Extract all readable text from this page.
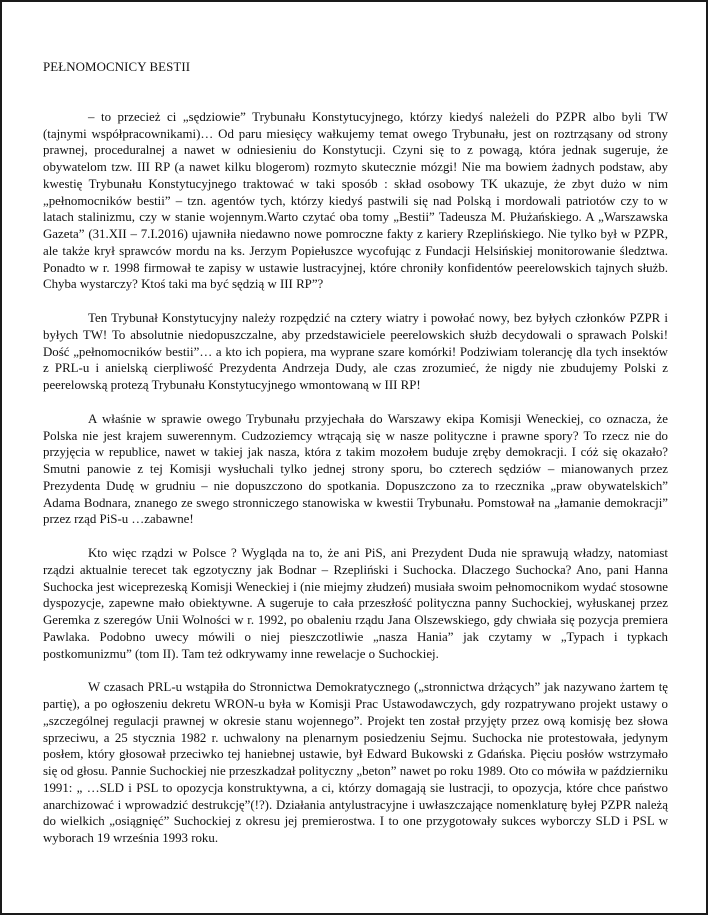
PEŁNOMOCNICY BESTII

– to przecież ci „sędziowie” Trybunału Konstytucyjnego, którzy kiedyś należeli do PZPR albo byli TW (tajnymi współpracownikami)… Od paru miesięcy wałkujemy temat owego Trybunału, jest on roztrząsany od strony prawnej, proceduralnej a nawet w odniesieniu do Konstytucji. Czyni się to z powagą, która jednak sugeruje, że obywatelom tzw. III RP (a nawet kilku blogerom) rozmyto skutecznie mózgi! Nie ma bowiem żadnych podstaw, aby kwestię Trybunału Konstytucyjnego traktować w taki sposób : skład osobowy TK ukazuje, że zbyt dużo w nim „pełnomocników bestii” – tzn. agentów tych, którzy kiedyś pastwili się nad Polską i mordowali patriotów czy to w latach stalinizmu, czy w stanie wojennym.Warto czytać oba tomy „Bestii” Tadeusza M. Płużańskiego. A „Warszawska Gazeta” (31.XII – 7.I.2016) ujawniła niedawno nowe pomroczne fakty z kariery Rzeplińskiego. Nie tylko był w PZPR, ale także krył sprawców mordu na ks. Jerzym Popiełuszce wycofując z Fundacji Helsińskiej monitorowanie śledztwa. Ponadto w r. 1998 firmował te zapisy w ustawie lustracyjnej, które chroniły konfidentów peerelowskich tajnych służb. Chyba wystarczy? Ktoś taki ma być sędzią w III RP”?

Ten Trybunał Konstytucyjny należy rozpędzić na cztery wiatry i powołać nowy, bez byłych członków PZPR i byłych TW! To absolutnie niedopuszczalne, aby przedstawiciele peerelowskich służb decydowali o sprawach Polski! Dość „pełnomocników bestii”… a kto ich popiera, ma wyprane szare komórki! Podziwiam tolerancję dla tych insektów z PRL-u i anielską cierpliwość Prezydenta Andrzeja Dudy, ale czas zrozumieć, że nigdy nie zbudujemy Polski z peerelowską protezą Trybunału Konstytucyjnego wmontowaną w III RP!

A właśnie w sprawie owego Trybunału przyjechała do Warszawy ekipa Komisji Weneckiej, co oznacza, że Polska nie jest krajem suwerennym. Cudzoziemcy wtrącają się w nasze polityczne i prawne spory? To rzecz nie do przyjęcia w republice, nawet w takiej jak nasza, która z takim mozołem buduje zręby demokracji. I cóż się okazało? Smutni panowie z tej Komisji wysłuchali tylko jednej strony sporu, bo czterech sędziów – mianowanych przez Prezydenta Dudę w grudniu – nie dopuszczono do spotkania. Dopuszczono za to rzecznika „praw obywatelskich” Adama Bodnara, znanego ze swego stronniczego stanowiska w kwestii Trybunału. Pomstował na „łamanie demokracji” przez rząd PiS-u …zabawne!

Kto więc rządzi w Polsce ? Wygląda na to, że ani PiS, ani Prezydent Duda nie sprawują władzy, natomiast rządzi aktualnie terecet tak egzotyczny jak Bodnar – Rzepliński i Suchocka. Dlaczego Suchocka? Ano, pani Hanna Suchocka jest wiceprezeską Komisji Weneckiej i (nie miejmy złudzeń) musiała swoim pełnomocnikom wydać stosowne dyspozycje, zapewne mało obiektywne. A sugeruje to cała przeszłość polityczna panny Suchockiej, wyłuskanej przez Geremka z szeregów Unii Wolności w r. 1992, po obaleniu rządu Jana Olszewskiego, gdy chwiała się pozycja premiera Pawlaka. Podobno uwecy mówili o niej pieszczotliwie „nasza Hania” jak czytamy w „Typach i typkach postkomunizmu” (tom II). Tam też odkrywamy inne rewelacje o Suchockiej.

W czasach PRL-u wstąpiła do Stronnictwa Demokratycznego („stronnictwa drżących” jak nazywano żartem tę partię), a po ogłoszeniu dekretu WRON-u była w Komisji Prac Ustawodawczych, gdy rozpatrywano projekt ustawy o „szczególnej regulacji prawnej w okresie stanu wojennego”. Projekt ten został przyjęty przez ową komisję bez słowa sprzeciwu, a 25 stycznia 1982 r. uchwalony na plenarnym posiedzeniu Sejmu. Suchocka nie protestowała, jedynym posłem, który głosował przeciwko tej haniebnej ustawie, był Edward Bukowski z Gdańska. Pięciu posłów wstrzymało się od głosu. Pannie Suchockiej nie przeszkadzał polityczny „beton” nawet po roku 1989. Oto co mówiła w październiku 1991: „ …SLD i PSL to opozycja konstruktywna, a ci, którzy domagają sie lustracji, to opozycja, które chce państwo anarchizować i wprowadzić destrukcję”(!?). Działania antylustracyjne i uwłaszczające nomenklaturę byłej PZPR należą do wielkich „osiągnięć” Suchockiej z okresu jej premierostwa. I to one przygotowały sukces wyborczy SLD i PSL w wyborach 19 września 1993 roku.
